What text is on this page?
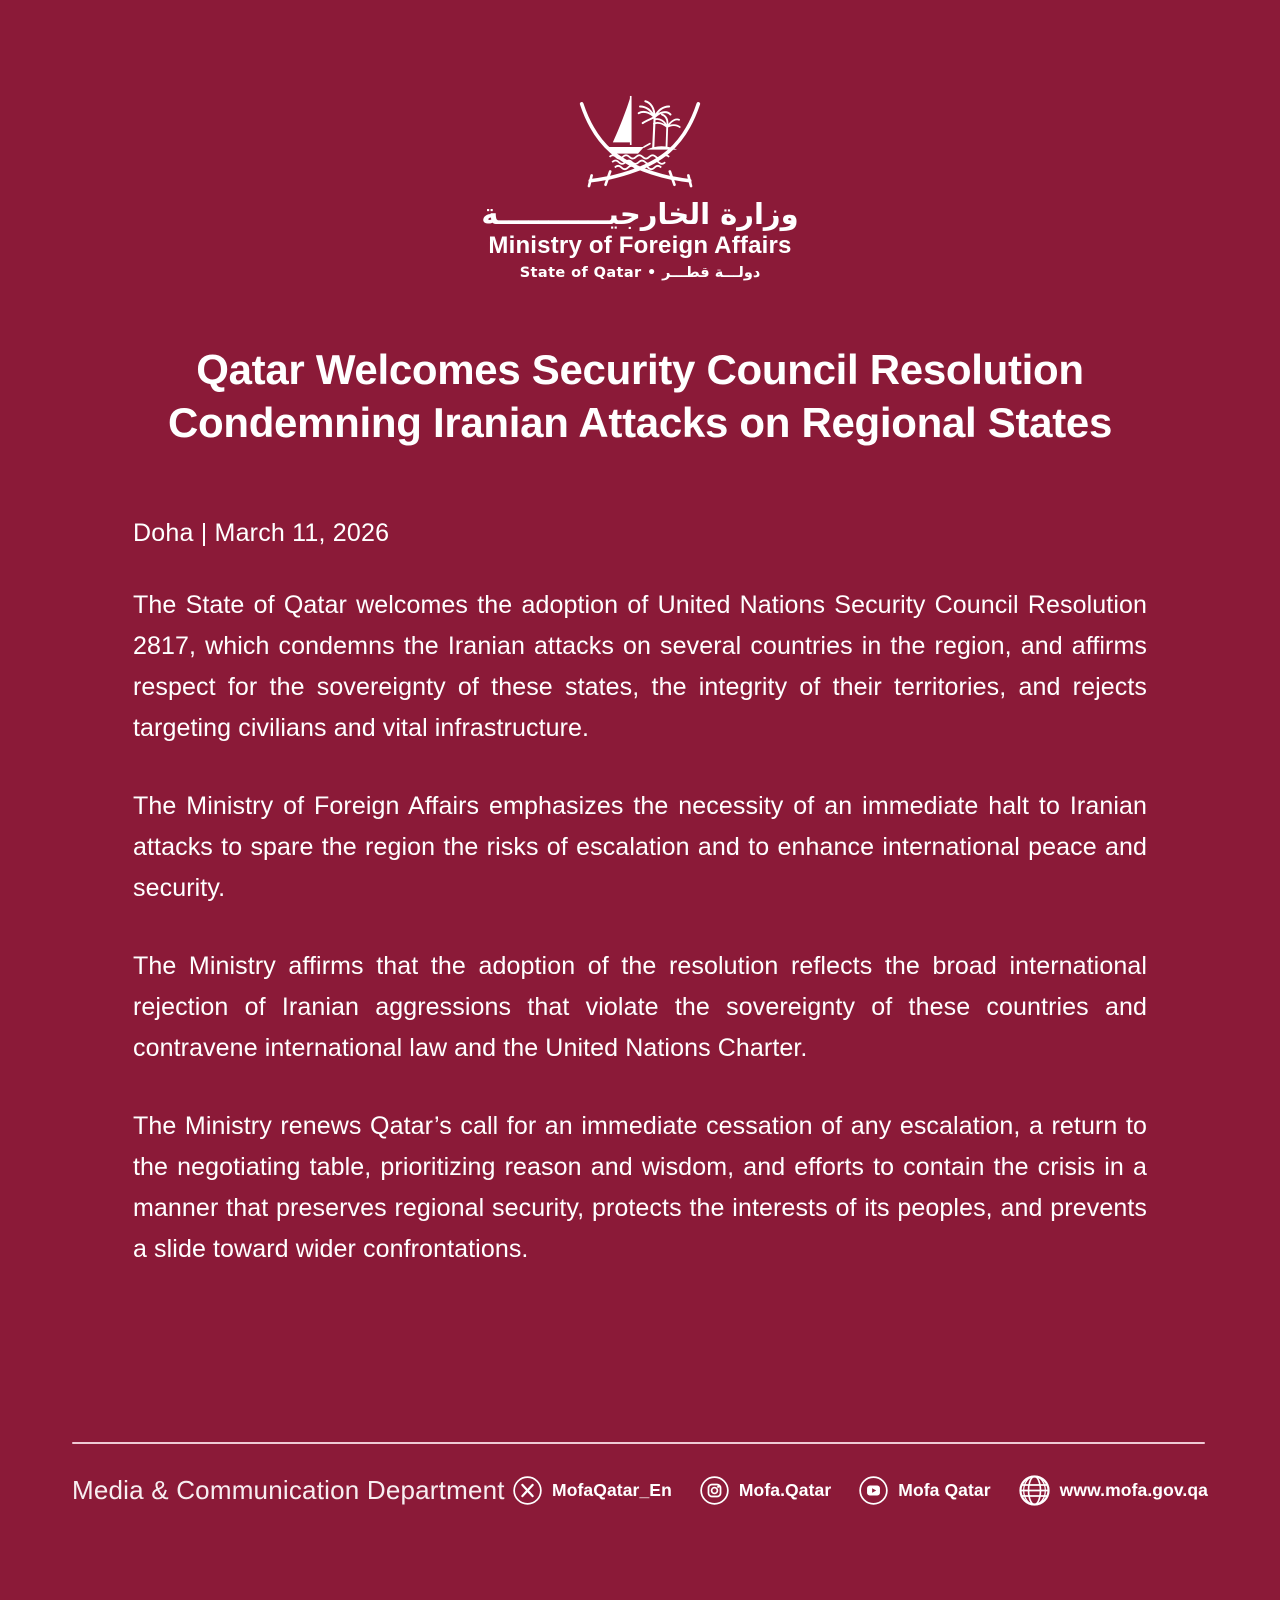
وزارة الخارجيـــــــــــة
Ministry of Foreign Affairs
State of Qatar • دولـــة قطـــر
Qatar Welcomes Security Council Resolution
Condemning Iranian Attacks on Regional States
Doha | March 11, 2026

The State of Qatar welcomes the adoption of United Nations Security Council Resolution 2817, which condemns the Iranian attacks on several countries in the region, and affirms respect for the sovereignty of these states, the integrity of their territories, and rejects targeting civilians and vital infrastructure.

The Ministry of Foreign Affairs emphasizes the necessity of an immediate halt to Iranian attacks to spare the region the risks of escalation and to enhance international peace and security.

The Ministry affirms that the adoption of the resolution reflects the broad international rejection of Iranian aggressions that violate the sovereignty of these countries and contravene international law and the United Nations Charter.

The Ministry renews Qatar’s call for an immediate cessation of any escalation, a return to the negotiating table, prioritizing reason and wisdom, and efforts to contain the crisis in a manner that preserves regional security, protects the interests of its peoples, and prevents a slide toward wider confrontations.

Media & Communication Department	MofaQatar_En	Mofa.Qatar	Mofa Qatar	www.mofa.gov.qa
